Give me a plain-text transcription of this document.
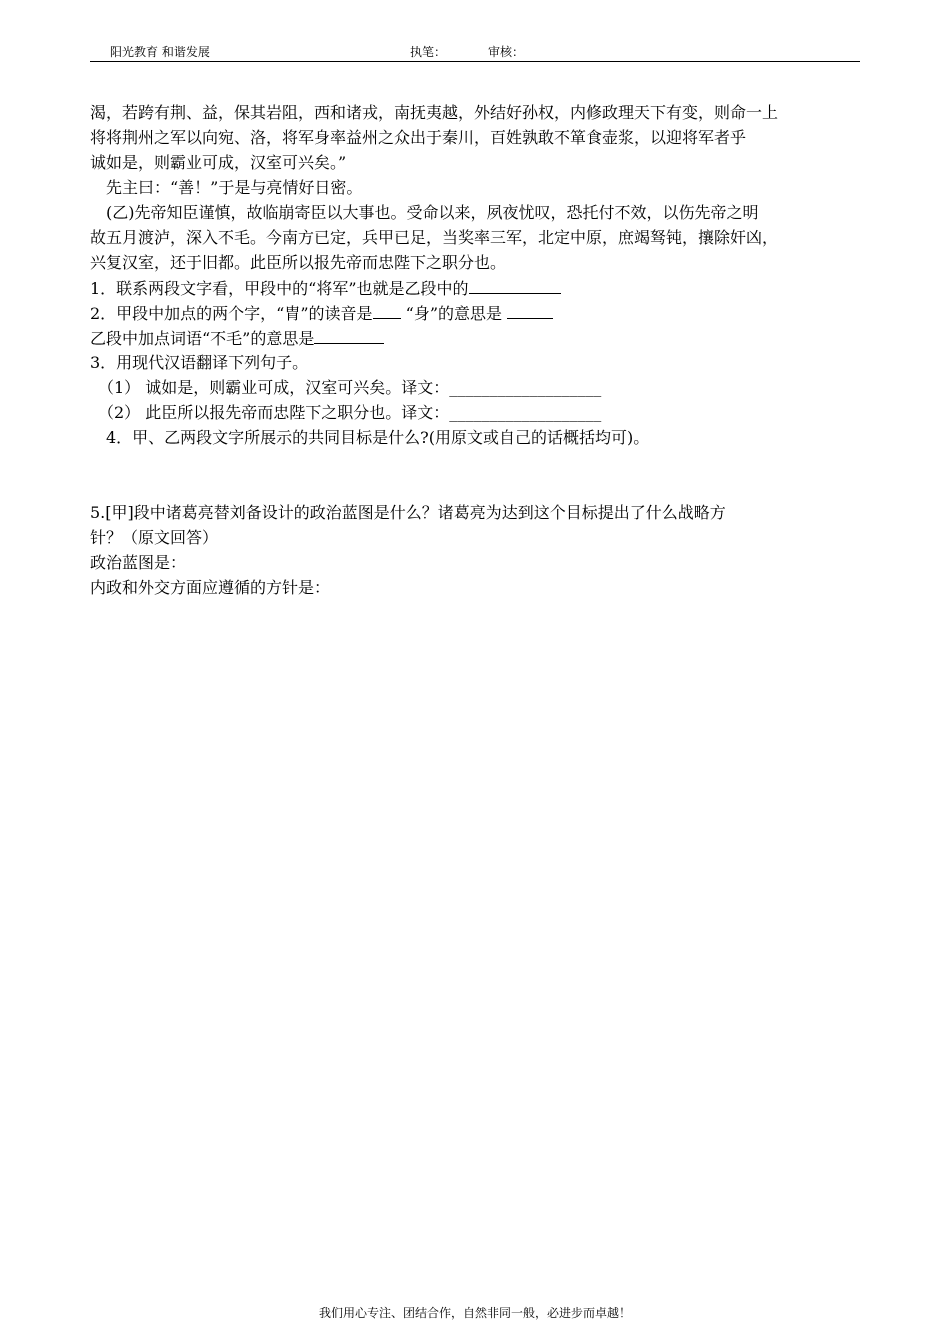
阳光教育 和谐发展	执笔：	审核：
渴，若跨有荆、益，保其岩阻，西和诸戎，南抚夷越，外结好孙权，内修政理天下有变，则命一上
将将荆州之军以向宛、洛，将军身率益州之众出于秦川，百姓孰敢不箪食壶浆，以迎将军者乎
诚如是，则霸业可成，汉室可兴矣。”
先主曰：“善！”于是与亮情好日密。
(乙)先帝知臣谨慎，故临崩寄臣以大事也。受命以来，夙夜忧叹，恐托付不效，以伤先帝之明
故五月渡泸，深入不毛。今南方已定，兵甲已足，当奖率三军，北定中原，庶竭驽钝，攘除奸凶，
兴复汉室，还于旧都。此臣所以报先帝而忠陛下之职分也。
1．联系两段文字看，甲段中的“将军”也就是乙段中的
2．甲段中加点的两个字，“胄”的读音是 “身”的意思是
乙段中加点词语“不毛”的意思是
3．用现代汉语翻译下列句子。
（1） 诚如是，则霸业可成，汉室可兴矣。译文：___________________
（2） 此臣所以报先帝而忠陛下之职分也。译文：___________________
4．甲、乙两段文字所展示的共同目标是什么?(用原文或自己的话概括均可)。
5.[甲]段中诸葛亮替刘备设计的政治蓝图是什么？诸葛亮为达到这个目标提出了什么战略方
针？（原文回答）
政治蓝图是：
内政和外交方面应遵循的方针是：
我们用心专注、团结合作，自然非同一般，必进步而卓越！
